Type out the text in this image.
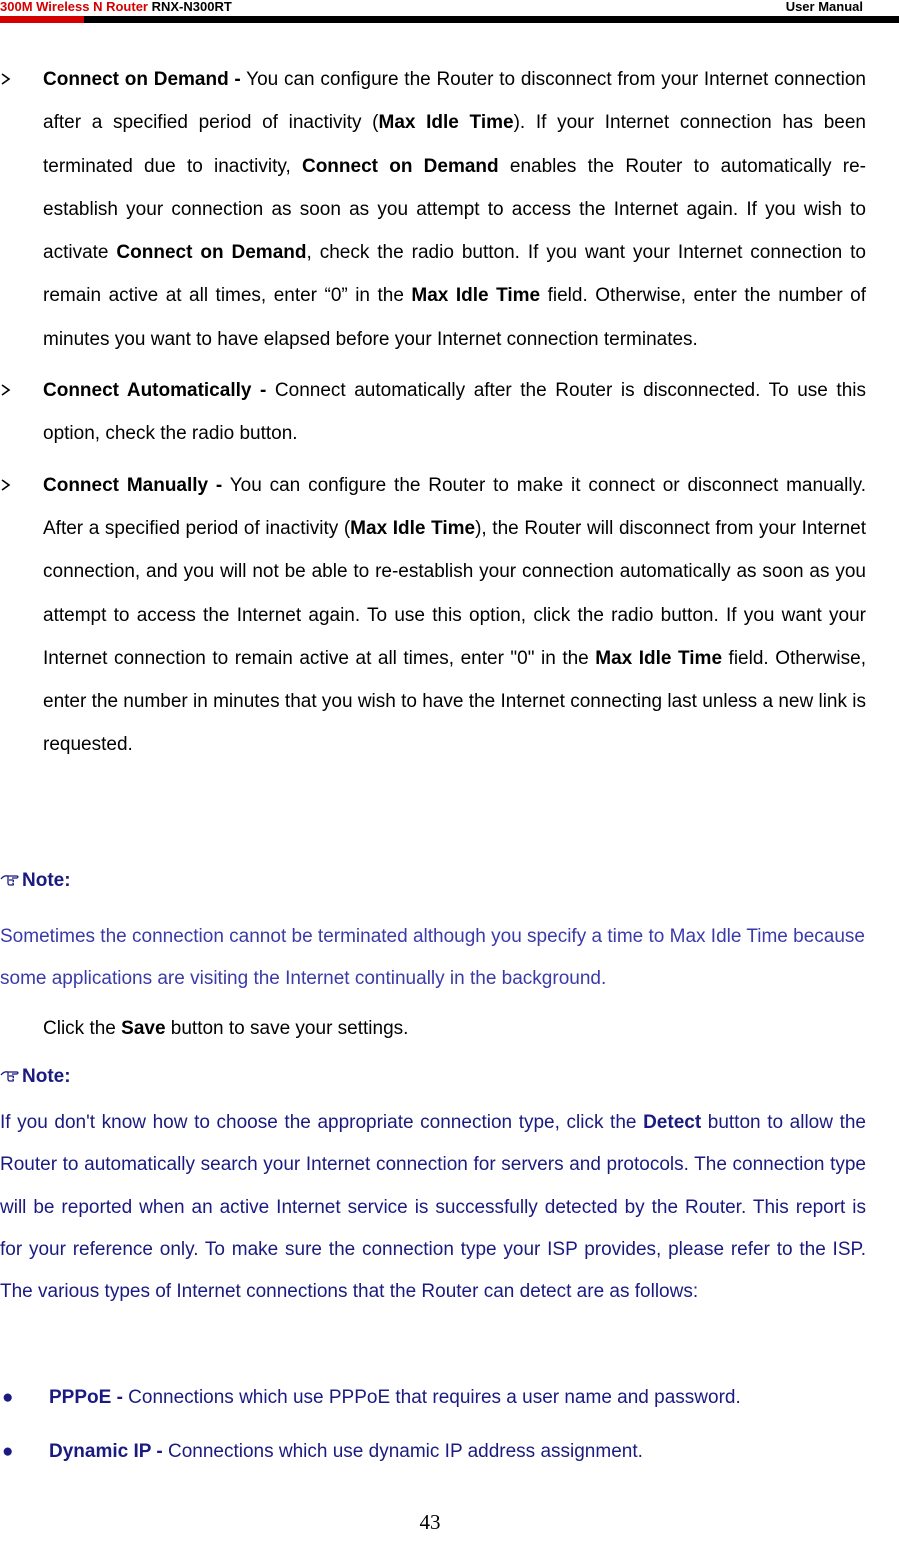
300M Wireless N Router RNX-N300RT	User Manual
Connect on Demand - You can configure the Router to disconnect from your Internet connection after a specified period of inactivity (Max Idle Time). If your Internet connection has been terminated due to inactivity, Connect on Demand enables the Router to automatically re-establish your connection as soon as you attempt to access the Internet again. If you wish to activate Connect on Demand, check the radio button. If you want your Internet connection to remain active at all times, enter “0” in the Max Idle Time field. Otherwise, enter the number of minutes you want to have elapsed before your Internet connection terminates.
Connect Automatically - Connect automatically after the Router is disconnected. To use this option, check the radio button.
Connect Manually - You can configure the Router to make it connect or disconnect manually. After a specified period of inactivity (Max Idle Time), the Router will disconnect from your Internet connection, and you will not be able to re-establish your connection automatically as soon as you attempt to access the Internet again. To use this option, click the radio button. If you want your Internet connection to remain active at all times, enter "0" in the Max Idle Time field. Otherwise, enter the number in minutes that you wish to have the Internet connecting last unless a new link is requested.
Note:
Sometimes the connection cannot be terminated although you specify a time to Max Idle Time because some applications are visiting the Internet continually in the background.
Click the Save button to save your settings.
Note:
If you don't know how to choose the appropriate connection type, click the Detect button to allow the Router to automatically search your Internet connection for servers and protocols. The connection type will be reported when an active Internet service is successfully detected by the Router. This report is for your reference only. To make sure the connection type your ISP provides, please refer to the ISP. The various types of Internet connections that the Router can detect are as follows:
● PPPoE - Connections which use PPPoE that requires a user name and password.
● Dynamic IP - Connections which use dynamic IP address assignment.
43
